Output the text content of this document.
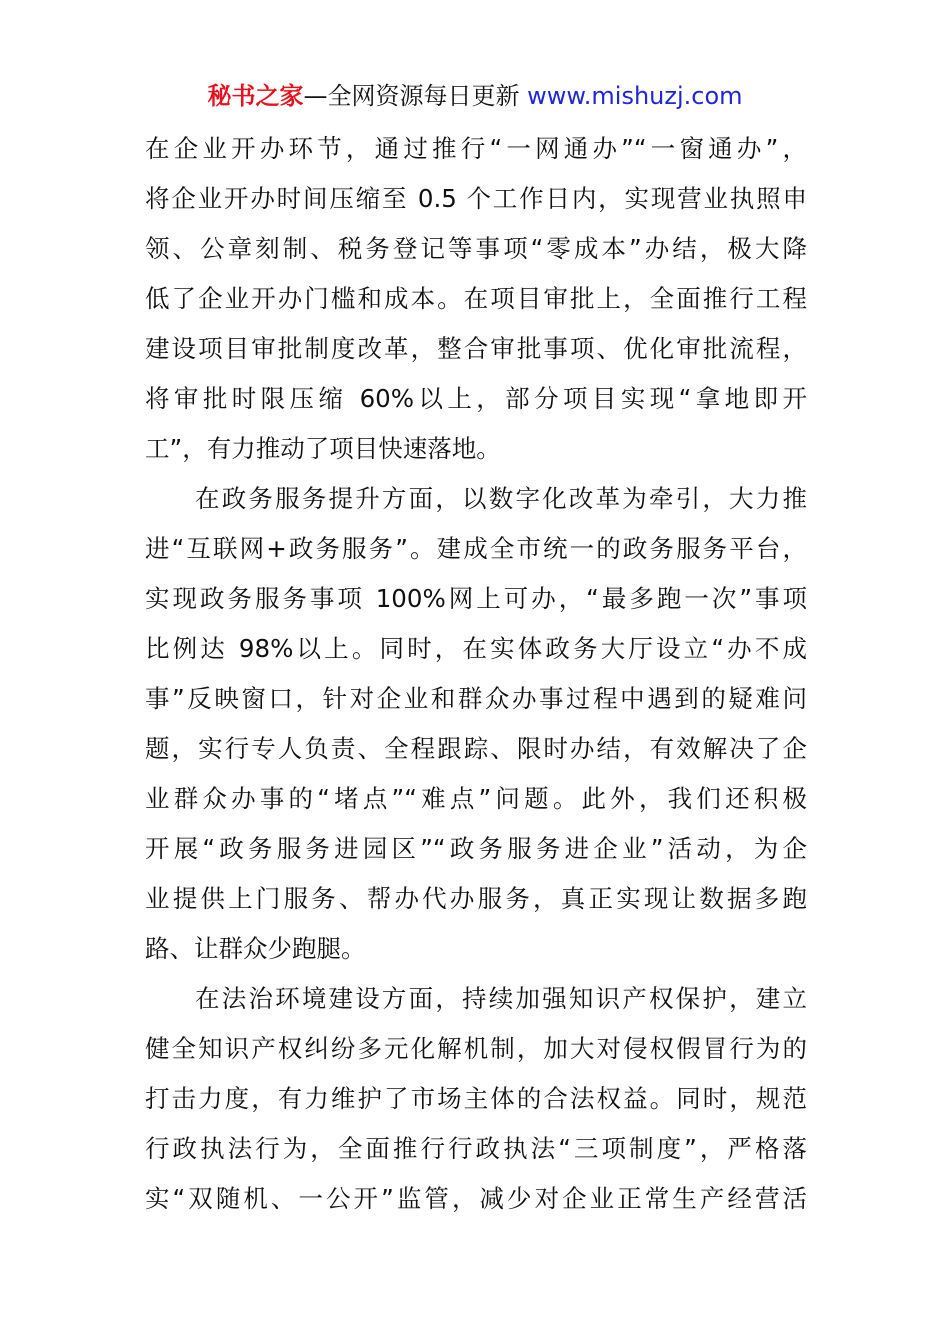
秘书之家—全网资源每日更新 www.mishuzj.com
在企业开办环节，通过推行“一网通办”“一窗通办”，
将企业开办时间压缩至 0.5 个工作日内，实现营业执照申
领、公章刻制、税务登记等事项“零成本”办结，极大降
低了企业开办门槛和成本。在项目审批上，全面推行工程
建设项目审批制度改革，整合审批事项、优化审批流程，
将审批时限压缩 60%以上，部分项目实现“拿地即开
工”，有力推动了项目快速落地。
在政务服务提升方面，以数字化改革为牵引，大力推
进“互联网+政务服务”。建成全市统一的政务服务平台，
实现政务服务事项 100%网上可办，“最多跑一次”事项
比例达 98%以上。同时，在实体政务大厅设立“办不成
事”反映窗口，针对企业和群众办事过程中遇到的疑难问
题，实行专人负责、全程跟踪、限时办结，有效解决了企
业群众办事的“堵点”“难点”问题。此外，我们还积极
开展“政务服务进园区”“政务服务进企业”活动，为企
业提供上门服务、帮办代办服务，真正实现让数据多跑
路、让群众少跑腿。
在法治环境建设方面，持续加强知识产权保护，建立
健全知识产权纠纷多元化解机制，加大对侵权假冒行为的
打击力度，有力维护了市场主体的合法权益。同时，规范
行政执法行为，全面推行行政执法“三项制度”，严格落
实“双随机、一公开”监管，减少对企业正常生产经营活
